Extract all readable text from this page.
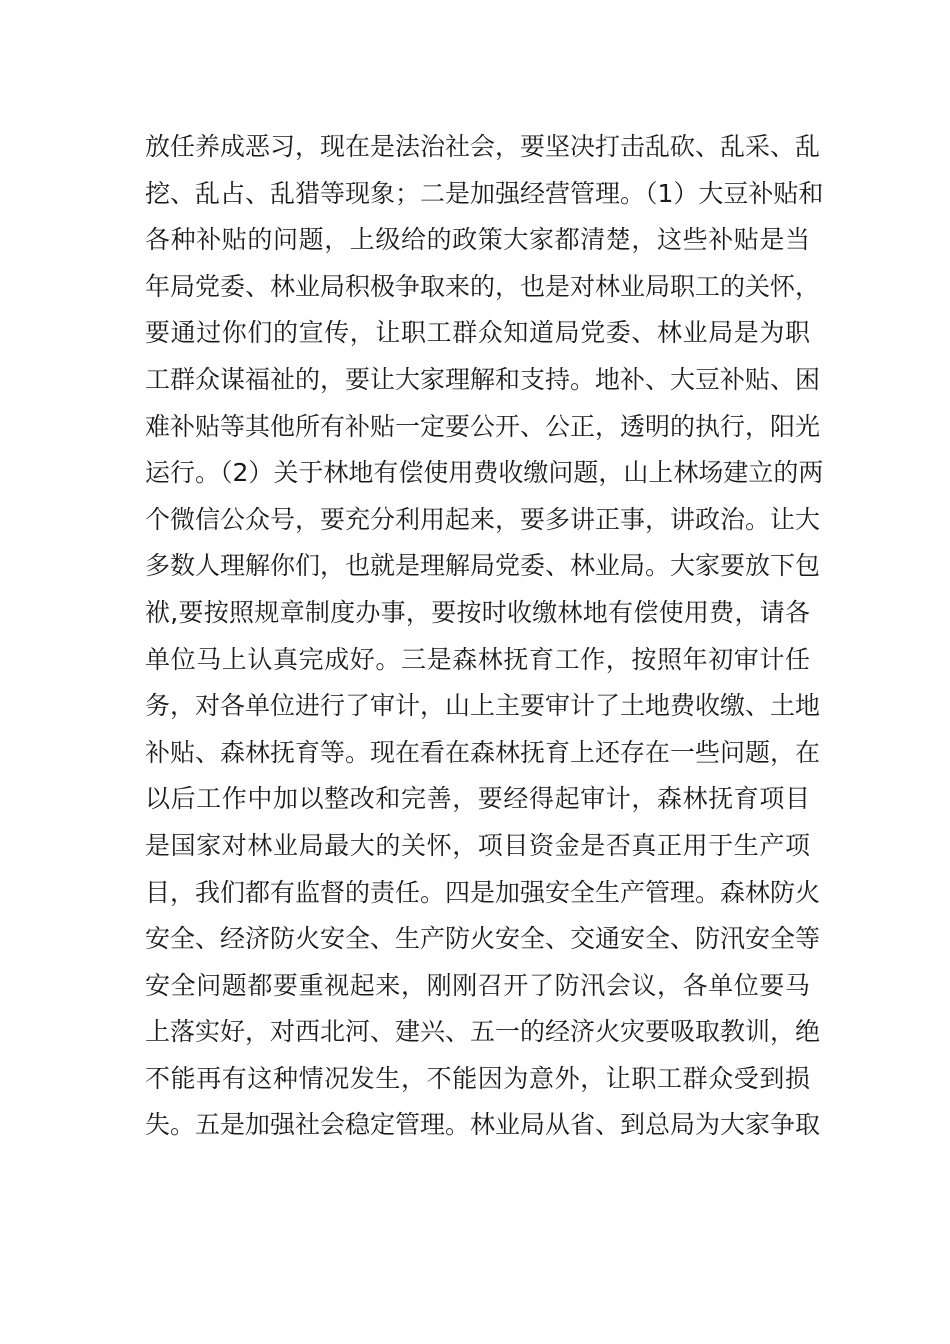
放任养成恶习，现在是法治社会，要坚决打击乱砍、乱采、乱
挖、乱占、乱猎等现象；二是加强经营管理。（1）大豆补贴和
各种补贴的问题，上级给的政策大家都清楚，这些补贴是当
年局党委、林业局积极争取来的，也是对林业局职工的关怀，
要通过你们的宣传，让职工群众知道局党委、林业局是为职
工群众谋福祉的，要让大家理解和支持。地补、大豆补贴、困
难补贴等其他所有补贴一定要公开、公正，透明的执行，阳光
运行。（2）关于林地有偿使用费收缴问题，山上林场建立的两
个微信公众号，要充分利用起来，要多讲正事，讲政治。让大
多数人理解你们，也就是理解局党委、林业局。大家要放下包
袱,要按照规章制度办事，要按时收缴林地有偿使用费，请各
单位马上认真完成好。三是森林抚育工作，按照年初审计任
务，对各单位进行了审计，山上主要审计了土地费收缴、土地
补贴、森林抚育等。现在看在森林抚育上还存在一些问题，在
以后工作中加以整改和完善，要经得起审计，森林抚育项目
是国家对林业局最大的关怀，项目资金是否真正用于生产项
目，我们都有监督的责任。四是加强安全生产管理。森林防火
安全、经济防火安全、生产防火安全、交通安全、防汛安全等
安全问题都要重视起来，刚刚召开了防汛会议，各单位要马
上落实好，对西北河、建兴、五一的经济火灾要吸取教训，绝
不能再有这种情况发生，不能因为意外，让职工群众受到损
失。五是加强社会稳定管理。林业局从省、到总局为大家争取
